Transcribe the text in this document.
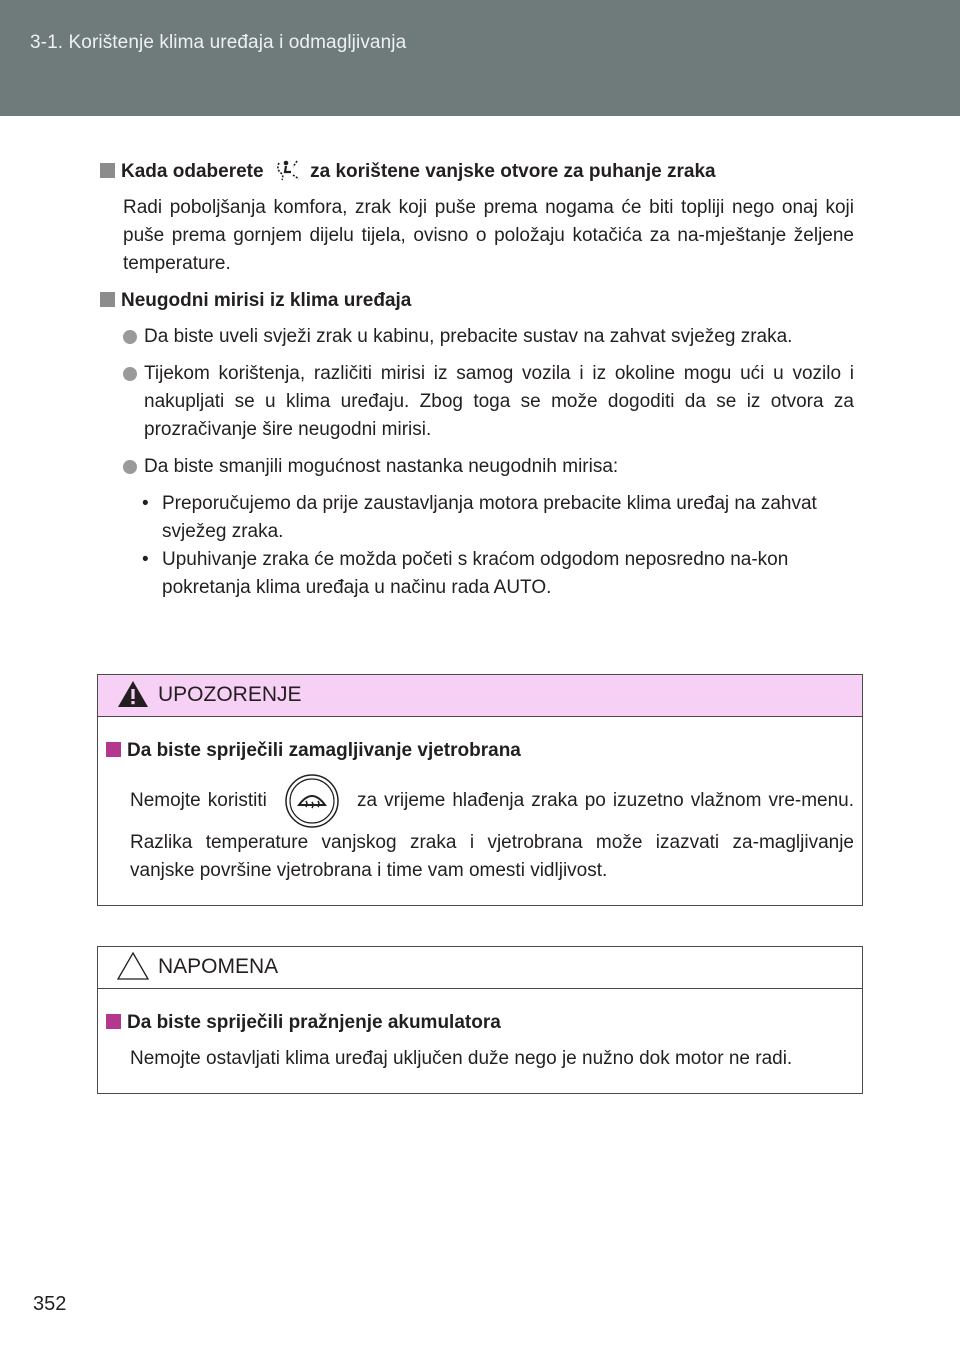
3-1. Korištenje klima uređaja i odmagljivanja
Kada odaberete za korištene vanjske otvore za puhanje zraka
Radi poboljšanja komfora, zrak koji puše prema nogama će biti topliji nego onaj koji puše prema gornjem dijelu tijela, ovisno o položaju kotačića za na-mještanje željene temperature.
Neugodni mirisi iz klima uređaja
Da biste uveli svježi zrak u kabinu, prebacite sustav na zahvat svježeg zraka.
Tijekom korištenja, različiti mirisi iz samog vozila i iz okoline mogu ući u vozilo i nakupljati se u klima uređaju. Zbog toga se može dogoditi da se iz otvora za prozračivanje šire neugodni mirisi.
Da biste smanjili mogućnost nastanka neugodnih mirisa:
• Preporučujemo da prije zaustavljanja motora prebacite klima uređaj na zahvat svježeg zraka.
• Upuhivanje zraka će možda početi s kraćom odgodom neposredno na-kon pokretanja klima uređaja u načinu rada AUTO.
UPOZORENJE
Da biste spriječili zamagljivanje vjetrobrana
Nemojte koristiti	za vrijeme hlađenja zraka po izuzetno vlažnom vre-menu. Razlika temperature vanjskog zraka i vjetrobrana može izazvati za-magljivanje vanjske površine vjetrobrana i time vam omesti vidljivost.
NAPOMENA
Da biste spriječili pražnjenje akumulatora
Nemojte ostavljati klima uređaj uključen duže nego je nužno dok motor ne radi.
352
